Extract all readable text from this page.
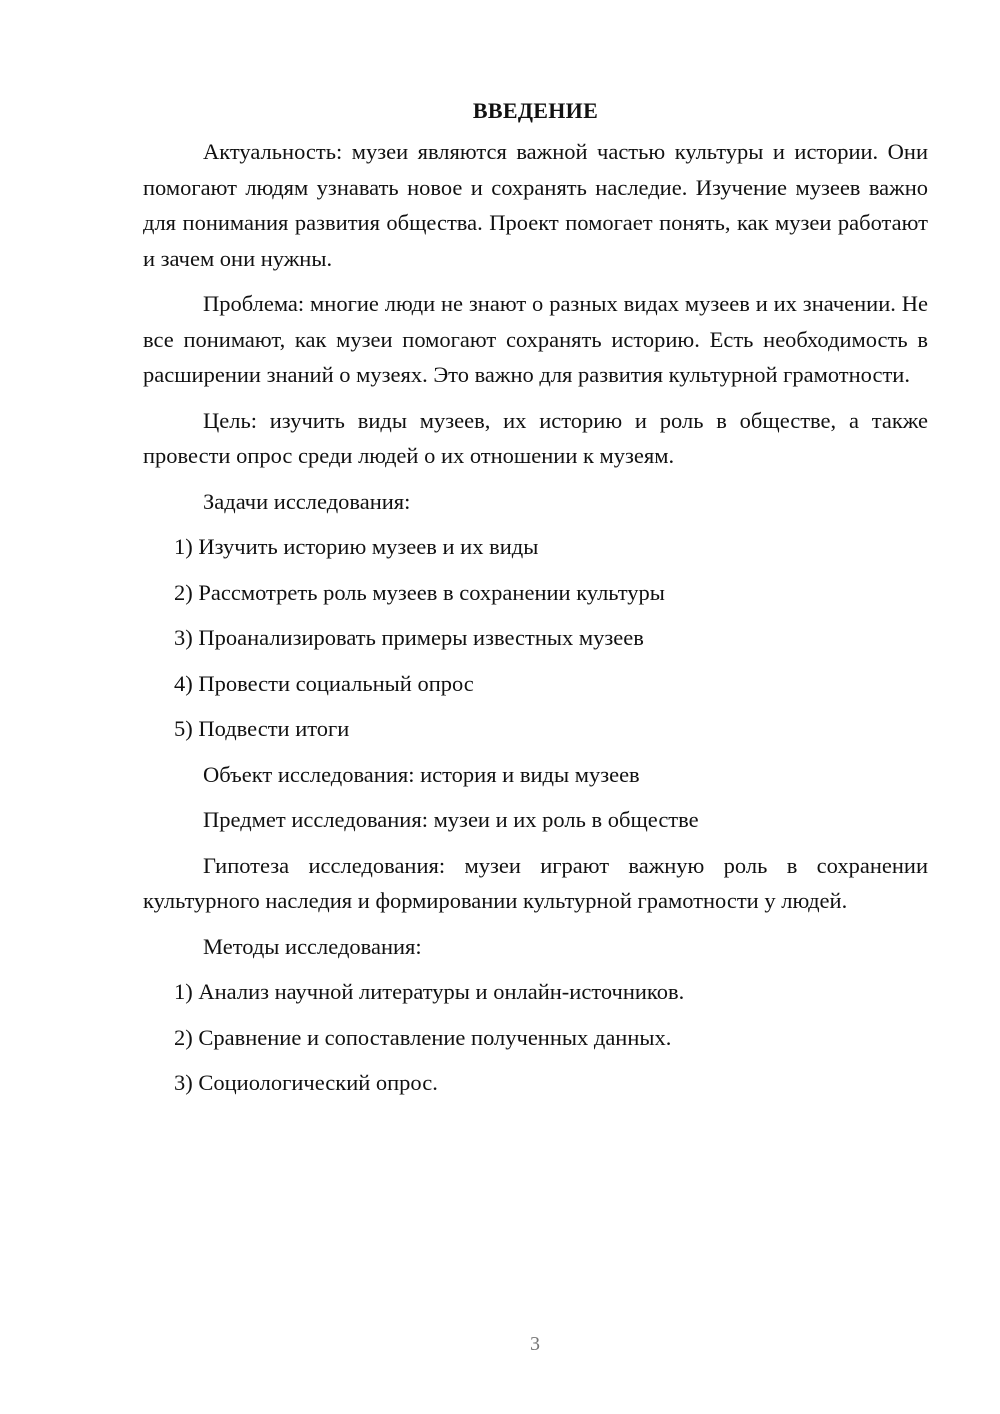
ВВЕДЕНИЕ

Актуальность: музеи являются важной частью культуры и истории. Они помогают людям узнавать новое и сохранять наследие. Изучение музеев важно для понимания развития общества. Проект помогает понять, как музеи работают и зачем они нужны.

Проблема: многие люди не знают о разных видах музеев и их значении. Не все понимают, как музеи помогают сохранять историю. Есть необходимость в расширении знаний о музеях. Это важно для развития культурной грамотности.

Цель: изучить виды музеев, их историю и роль в обществе, а также провести опрос среди людей о их отношении к музеям.

Задачи исследования:
1) Изучить историю музеев и их виды
2) Рассмотреть роль музеев в сохранении культуры
3) Проанализировать примеры известных музеев
4) Провести социальный опрос
5) Подвести итоги
Объект исследования: история и виды музеев
Предмет исследования: музеи и их роль в обществе

Гипотеза исследования: музеи играют важную роль в сохранении культурного наследия и формировании культурной грамотности у людей.

Методы исследования:
1) Анализ научной литературы и онлайн-источников.
2) Сравнение и сопоставление полученных данных.
3) Социологический опрос.
3
